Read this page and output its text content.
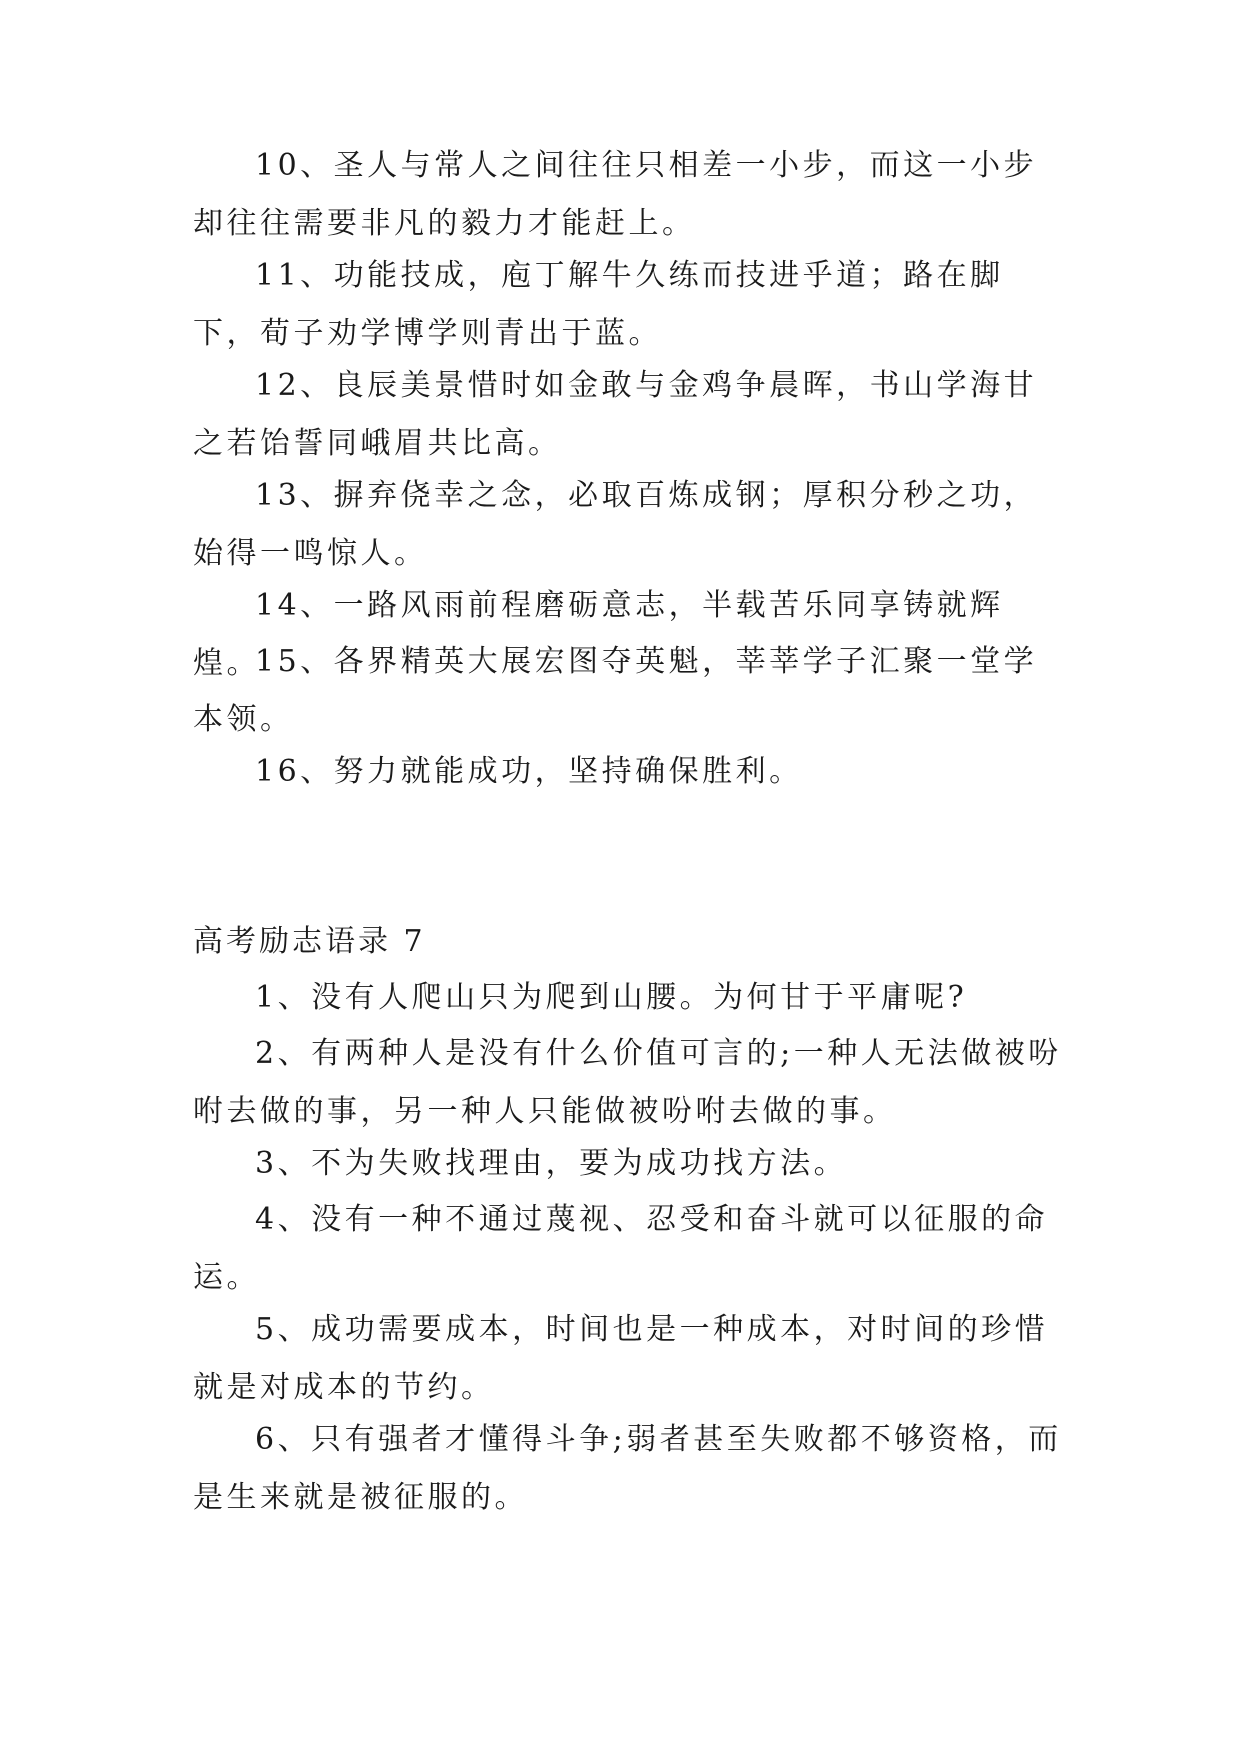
10、圣人与常人之间往往只相差一小步，而这一小步却往往需要非凡的毅力才能赶上。

11、功能技成，庖丁解牛久练而技进乎道；路在脚下，荀子劝学博学则青出于蓝。

12、良辰美景惜时如金敢与金鸡争晨晖，书山学海甘之若饴誓同峨眉共比高。

13、摒弃侥幸之念，必取百炼成钢；厚积分秒之功，始得一鸣惊人。

14、一路风雨前程磨砺意志，半载苦乐同享铸就辉煌。

15、各界精英大展宏图夺英魁，莘莘学子汇聚一堂学本领。

16、努力就能成功，坚持确保胜利。

高考励志语录 7

1、没有人爬山只为爬到山腰。为何甘于平庸呢?

2、有两种人是没有什么价值可言的;一种人无法做被吩咐去做的事，另一种人只能做被吩咐去做的事。

3、不为失败找理由，要为成功找方法。

4、没有一种不通过蔑视、忍受和奋斗就可以征服的命运。

5、成功需要成本，时间也是一种成本，对时间的珍惜就是对成本的节约。

6、只有强者才懂得斗争;弱者甚至失败都不够资格，而是生来就是被征服的。
